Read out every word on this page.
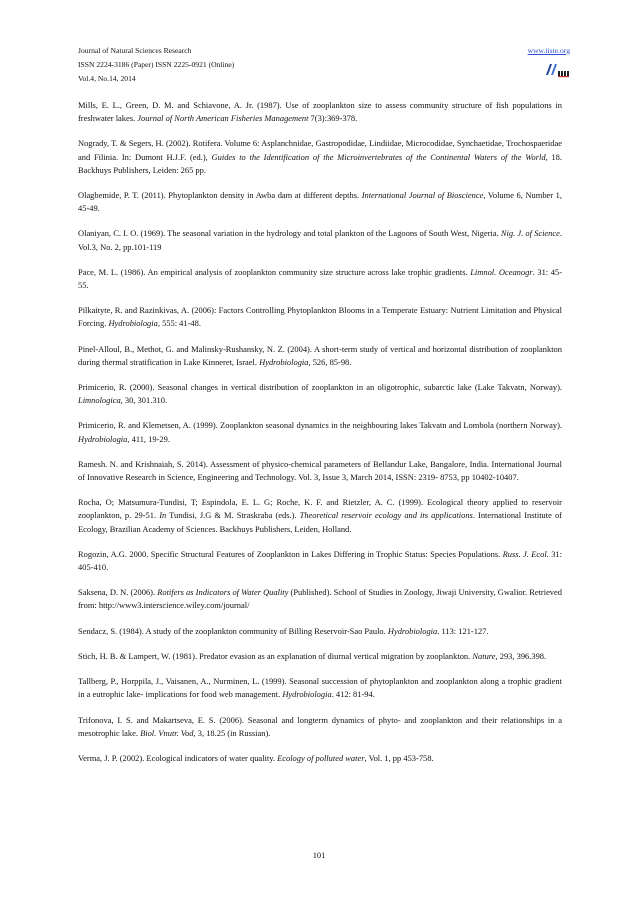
Journal of Natural Sciences Research
ISSN 2224-3186 (Paper) ISSN 2225-0921 (Online)
Vol.4, No.14, 2014
www.iiste.org

Mills, E. L., Green, D. M. and Schiavone, A. Jr. (1987). Use of zooplankton size to assess community structure of fish populations in freshwater lakes. Journal of North American Fisheries Management 7(3):369-378.

Nogrady, T. & Segers, H. (2002). Rotifera. Volume 6: Asplanchnidae, Gastropodidae, Lindiidae, Microcodidae, Synchaetidae, Trochospaeridae and Filinia. In: Dumont H.J.F. (ed.), Guides to the Identification of the Microinvertebrates of the Continental Waters of the World, 18. Backhuys Publishers, Leiden: 265 pp.

Olagbemide, P. T. (2011). Phytoplankton density in Awba dam at different depths. International Journal of Bioscience, Volume 6, Number 1, 45-49.

Olaniyan, C. I. O. (1969). The seasonal variation in the hydrology and total plankton of the Lagoons of South West, Nigeria. Nig. J. of Science. Vol.3, No. 2, pp.101-119

Pace, M. L. (1986). An empirical analysis of zooplankton community size structure across lake trophic gradients. Limnol. Oceanogr. 31: 45-55.

Pilkaityte, R. and Razinkivas, A. (2006): Factors Controlling Phytoplankton Blooms in a Temperate Estuary: Nutrient Limitation and Physical Forcing. Hydrobiologia, 555: 41-48.

Pinel-Alloul, B., Methot, G. and Malinsky-Rushansky, N. Z. (2004). A short-term study of vertical and horizontal distribution of zooplankton during thermal stratification in Lake Kinneret, Israel. Hydrobiologia, 526, 85-98.

Primicerio, R. (2000). Seasonal changes in vertical distribution of zooplankton in an oligotrophic, subarctic lake (Lake Takvatn, Norway). Limnologica, 30, 301.310.

Primicerio, R. and Klemetsen, A. (1999). Zooplankton seasonal dynamics in the neighbouring lakes Takvatn and Lombola (northern Norway). Hydrobiologia, 411, 19-29.

Ramesh. N. and Krishnaiah, S. 2014). Assessment of physico-chemical parameters of Bellandur Lake, Bangalore, India. International Journal of Innovative Research in Science, Engineering and Technology. Vol. 3, Issue 3, March 2014, ISSN: 2319- 8753, pp 10402-10407.

Rocha, O; Matsumura-Tundisi, T; Espindola, E. L. G; Roche, K. F. and Rietzler, A. C. (1999). Ecological theory applied to reservoir zooplankton, p. 29-51. In Tundisi, J.G & M. Straskraba (eds.). Theoretical reservoir ecology and its applications. International Institute of Ecology, Brazilian Academy of Sciences. Backhuys Publishers, Leiden, Holland.

Rogozin, A.G. 2000. Specific Structural Features of Zooplankton in Lakes Differing in Trophic Status: Species Populations. Russ. J. Ecol. 31: 405-410.

Saksena, D. N. (2006). Rotifers as Indicators of Water Quality (Published). School of Studies in Zoology, Jiwaji University, Gwalior. Retrieved from: http://www3.interscience.wiley.com/journal/

Sendacz, S. (1984). A study of the zooplankton community of Billing Reservoir-Sao Paulo. Hydrobiologia. 113: 121-127.

Stich, H. B. & Lampert, W. (1981). Predator evasion as an explanation of diurnal vertical migration by zooplankton. Nature, 293, 396.398.

Tallberg, P., Horppila, J., Vaisanen, A., Nurminen, L. (1999). Seasonal succession of phytoplankton and zooplankton along a trophic gradient in a eutrophic lake- implications for food web management. Hydrobiologia. 412: 81-94.

Trifonova, I. S. and Makartseva, E. S. (2006). Seasonal and longterm dynamics of phyto- and zooplankton and their relationships in a mesotrophic lake. Biol. Vnutr. Vod, 3, 18.25 (in Russian).

Verma, J. P. (2002). Ecological indicators of water quality. Ecology of polluted water, Vol. 1, pp 453-758.

101
